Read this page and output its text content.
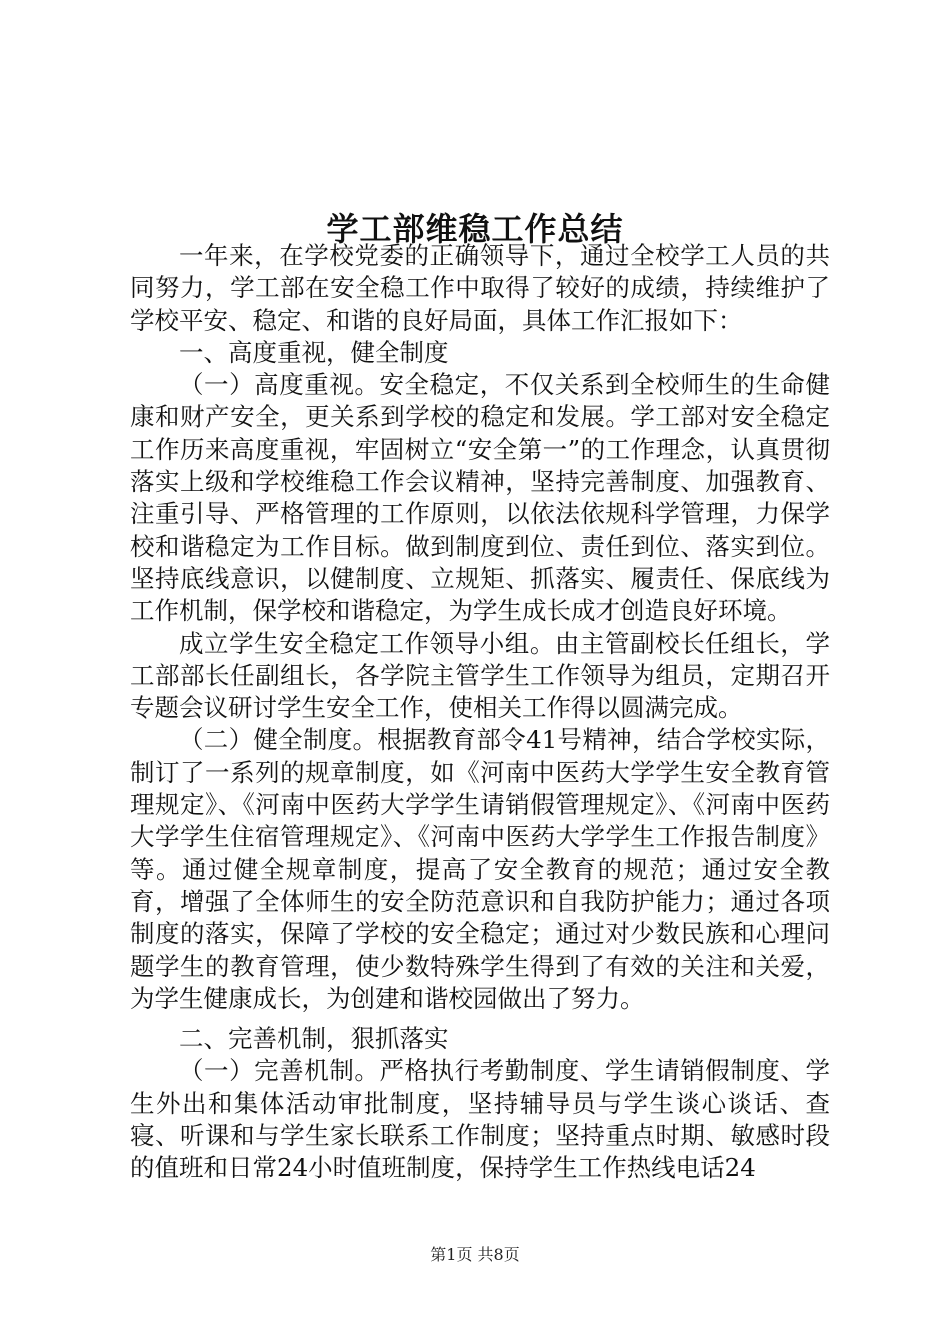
学工部维稳工作总结

一年来，在学校党委的正确领导下，通过全校学工人员的共同努力，学工部在安全稳工作中取得了较好的成绩，持续维护了学校平安、稳定、和谐的良好局面，具体工作汇报如下：

一、高度重视，健全制度

（一）高度重视。安全稳定，不仅关系到全校师生的生命健康和财产安全，更关系到学校的稳定和发展。学工部对安全稳定工作历来高度重视，牢固树立“安全第一”的工作理念，认真贯彻落实上级和学校维稳工作会议精神，坚持完善制度、加强教育、注重引导、严格管理的工作原则，以依法依规科学管理，力保学校和谐稳定为工作目标。做到制度到位、责任到位、落实到位。坚持底线意识，以健制度、立规矩、抓落实、履责任、保底线为工作机制，保学校和谐稳定，为学生成长成才创造良好环境。

成立学生安全稳定工作领导小组。由主管副校长任组长，学工部部长任副组长，各学院主管学生工作领导为组员，定期召开专题会议研讨学生安全工作，使相关工作得以圆满完成。

（二）健全制度。根据教育部令41号精神，结合学校实际，制订了一系列的规章制度，如《河南中医药大学学生安全教育管理规定》、《河南中医药大学学生请销假管理规定》、《河南中医药大学学生住宿管理规定》、《河南中医药大学学生工作报告制度》等。通过健全规章制度，提高了安全教育的规范；通过安全教育，增强了全体师生的安全防范意识和自我防护能力；通过各项制度的落实，保障了学校的安全稳定；通过对少数民族和心理问题学生的教育管理，使少数特殊学生得到了有效的关注和关爱，为学生健康成长，为创建和谐校园做出了努力。

二、完善机制，狠抓落实

（一）完善机制。严格执行考勤制度、学生请销假制度、学生外出和集体活动审批制度，坚持辅导员与学生谈心谈话、查寝、听课和与学生家长联系工作制度；坚持重点时期、敏感时段的值班和日常24小时值班制度，保持学生工作热线电话24

第1页 共8页
